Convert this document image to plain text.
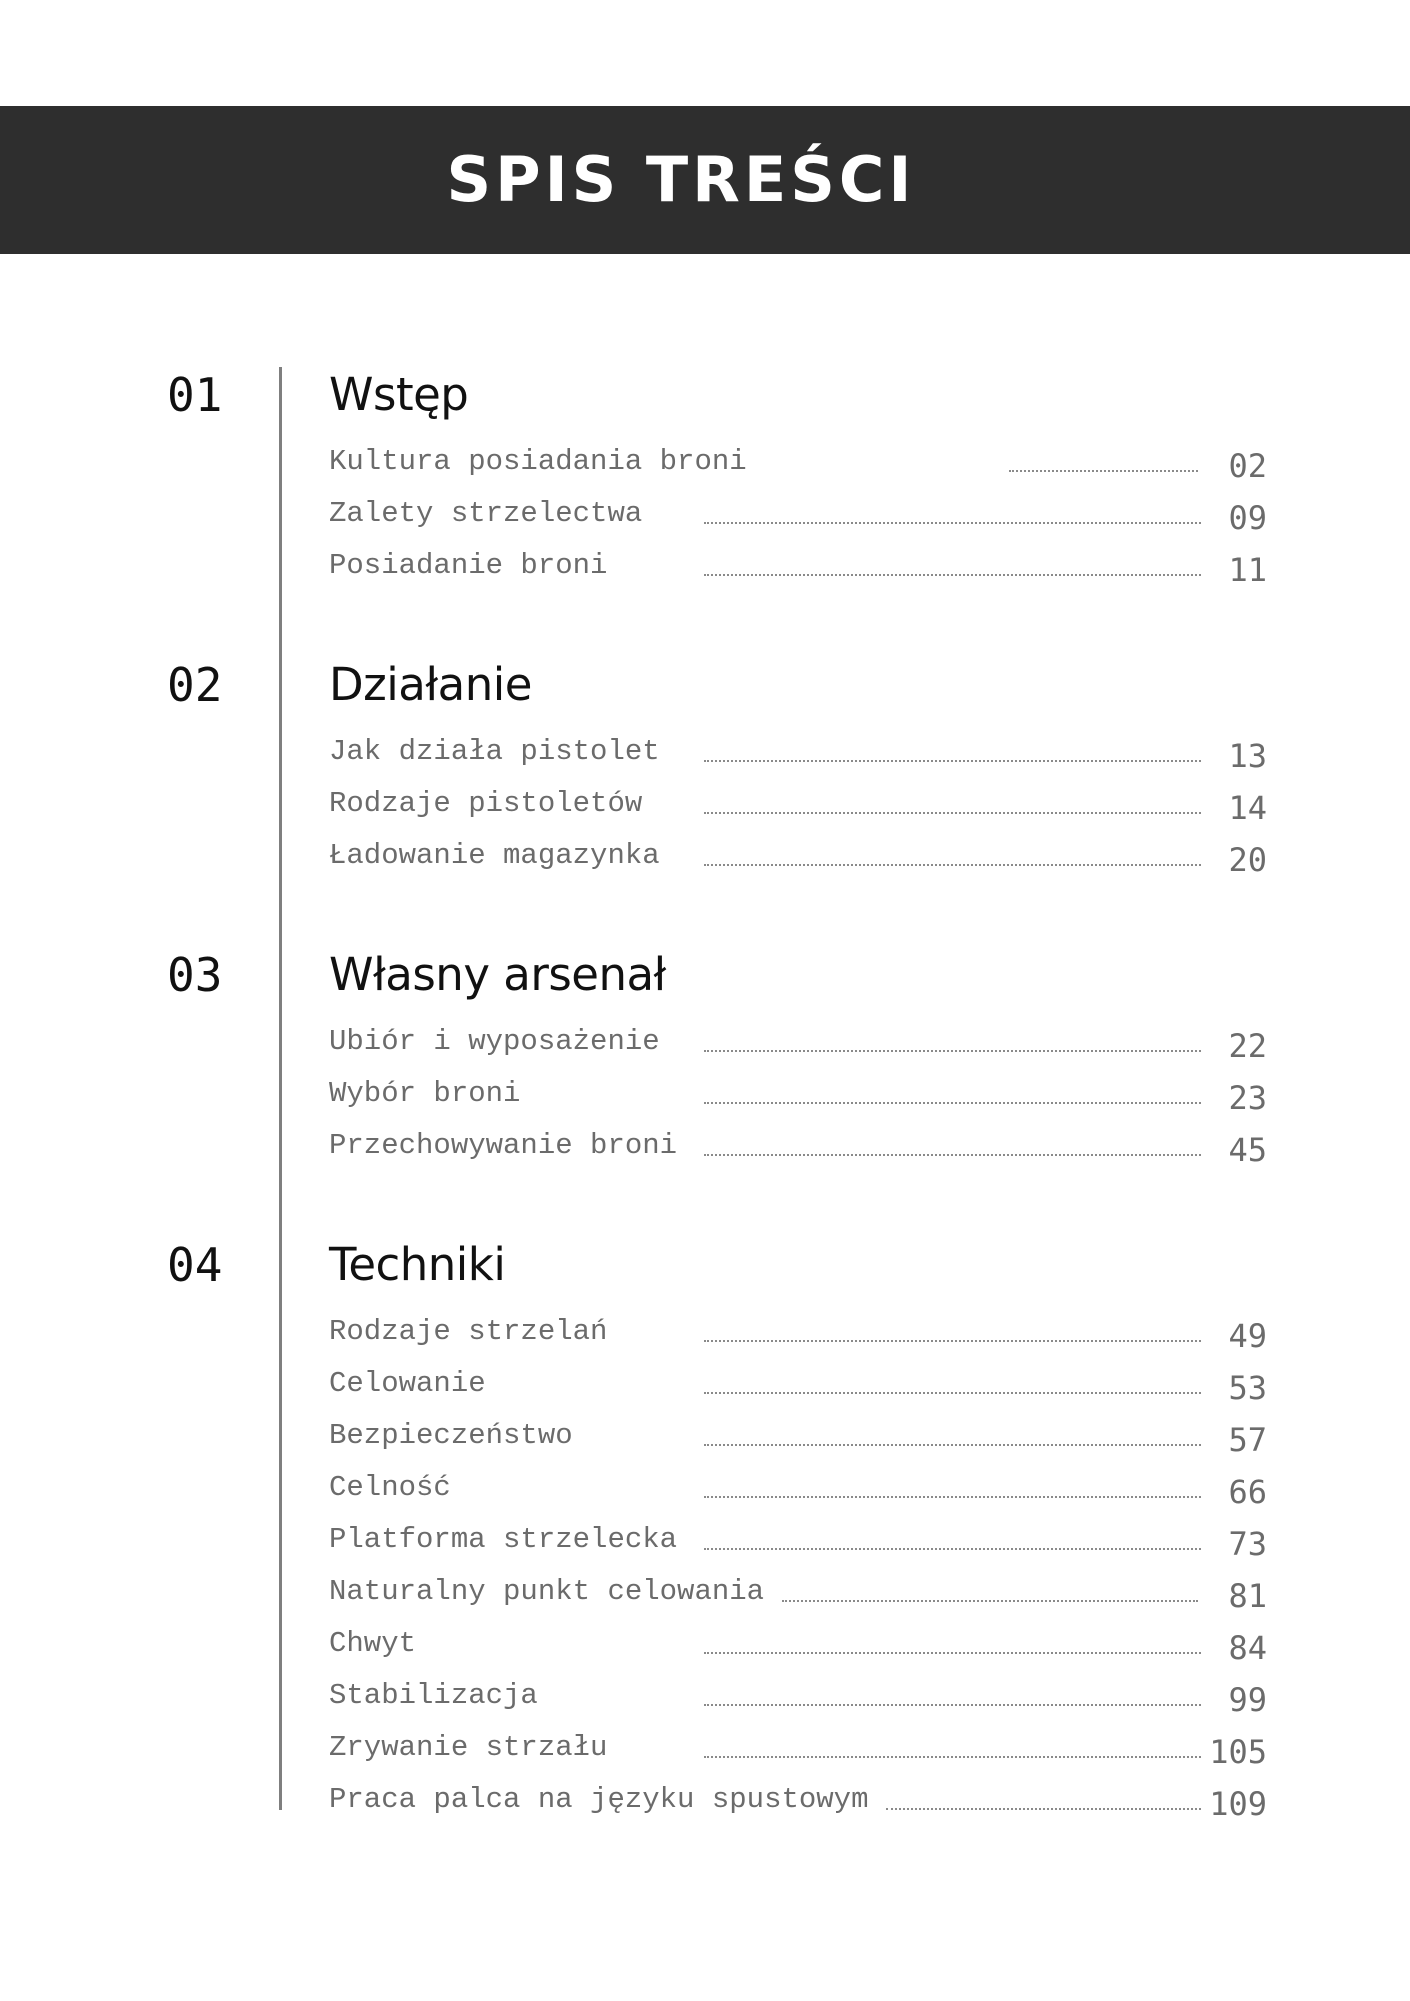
SPIS TREŚCI
01 Wstęp
Kultura posiadania broni	02
Zalety strzelectwa	09
Posiadanie broni	11
02 Działanie
Jak działa pistolet	13
Rodzaje pistoletów	14
Ładowanie magazynka	20
03 Własny arsenał
Ubiór i wyposażenie	22
Wybór broni	23
Przechowywanie broni	45
04 Techniki
Rodzaje strzelań	49
Celowanie	53
Bezpieczeństwo	57
Celność	66
Platforma strzelecka	73
Naturalny punkt celowania	81
Chwyt	84
Stabilizacja	99
Zrywanie strzału	105
Praca palca na języku spustowym	109
